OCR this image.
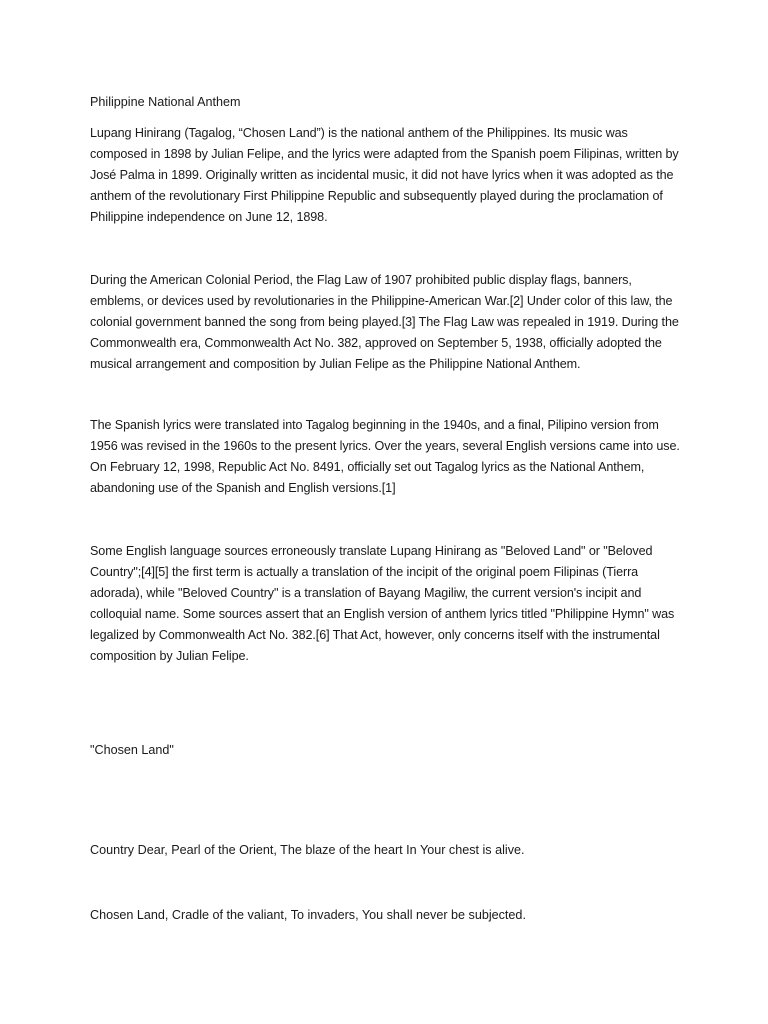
Philippine National Anthem

Lupang Hinirang (Tagalog, “Chosen Land”) is the national anthem of the Philippines. Its music was composed in 1898 by Julian Felipe, and the lyrics were adapted from the Spanish poem Filipinas, written by José Palma in 1899. Originally written as incidental music, it did not have lyrics when it was adopted as the anthem of the revolutionary First Philippine Republic and subsequently played during the proclamation of Philippine independence on June 12, 1898.

During the American Colonial Period, the Flag Law of 1907 prohibited public display flags, banners, emblems, or devices used by revolutionaries in the Philippine-American War.[2] Under color of this law, the colonial government banned the song from being played.[3] The Flag Law was repealed in 1919. During the Commonwealth era, Commonwealth Act No. 382, approved on September 5, 1938, officially adopted the musical arrangement and composition by Julian Felipe as the Philippine National Anthem.

The Spanish lyrics were translated into Tagalog beginning in the 1940s, and a final, Pilipino version from 1956 was revised in the 1960s to the present lyrics. Over the years, several English versions came into use. On February 12, 1998, Republic Act No. 8491, officially set out Tagalog lyrics as the National Anthem, abandoning use of the Spanish and English versions.[1]

Some English language sources erroneously translate Lupang Hinirang as "Beloved Land" or "Beloved Country";[4][5] the first term is actually a translation of the incipit of the original poem Filipinas (Tierra adorada), while "Beloved Country" is a translation of Bayang Magiliw, the current version's incipit and colloquial name. Some sources assert that an English version of anthem lyrics titled "Philippine Hymn" was legalized by Commonwealth Act No. 382.[6] That Act, however, only concerns itself with the instrumental composition by Julian Felipe.

"Chosen Land"

Country Dear, Pearl of the Orient, The blaze of the heart In Your chest is alive.

Chosen Land, Cradle of the valiant, To invaders, You shall never be subjected.
